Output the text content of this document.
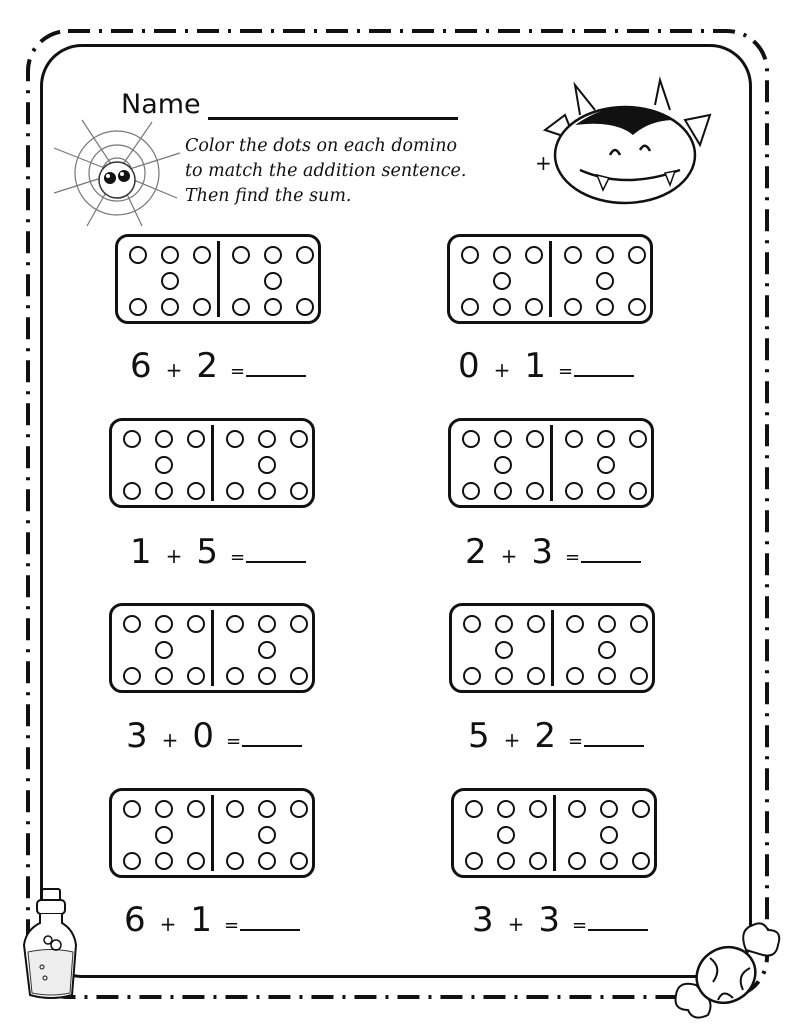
Name
Color the dots on each domino
to match the addition sentence.
Then find the sum.
+
6 + 2 =	0 + 1 =
1 + 5 =	2 + 3 =
3 + 0 =	5 + 2 =
6 + 1 =	3 + 3 =
